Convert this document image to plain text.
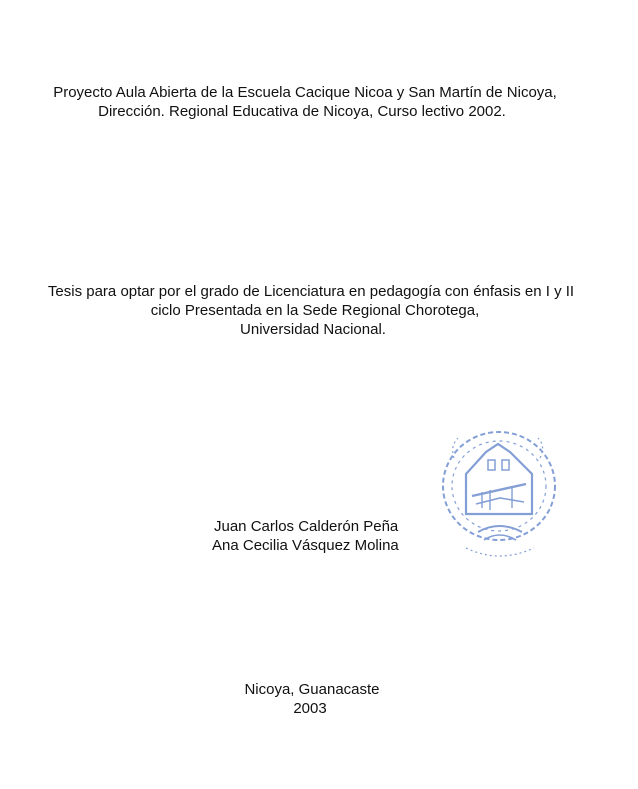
Proyecto Aula Abierta de la Escuela Cacique Nicoa y San Martín de Nicoya,
Dirección. Regional Educativa de Nicoya, Curso lectivo 2002.
Tesis para optar por el grado de Licenciatura en pedagogía con énfasis en I y II
ciclo Presentada en la Sede Regional Chorotega,
Universidad Nacional.
Juan Carlos Calderón Peña
Ana Cecilia Vásquez Molina
Nicoya, Guanacaste
2003
